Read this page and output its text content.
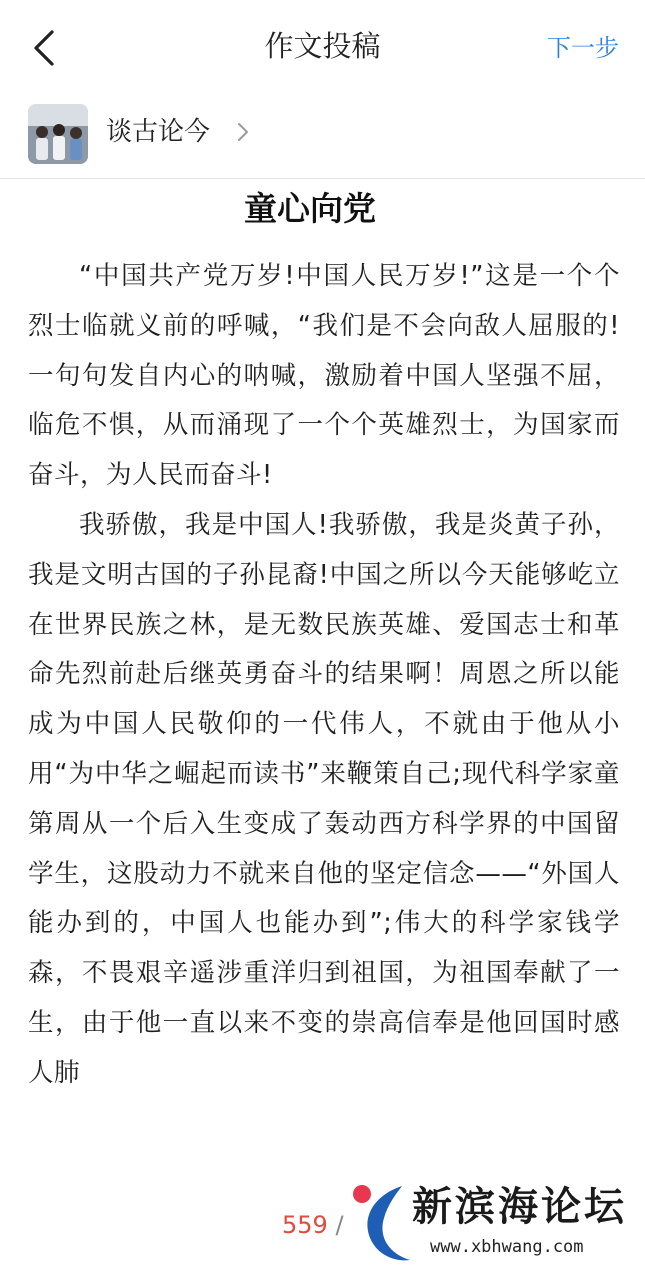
作文投稿	下一步
谈古论今
童心向党

“中国共产党万岁!中国人民万岁!”这是一个个烈士临就义前的呼喊，“我们是不会向敌人屈服的!一句句发自内心的呐喊，激励着中国人坚强不屈，临危不惧，从而涌现了一个个英雄烈士，为国家而奋斗，为人民而奋斗!

我骄傲，我是中国人!我骄傲，我是炎黄子孙，我是文明古国的子孙昆裔!中国之所以今天能够屹立在世界民族之林，是无数民族英雄、爱国志士和革命先烈前赴后继英勇奋斗的结果啊！周恩之所以能成为中国人民敬仰的一代伟人，不就由于他从小用“为中华之崛起而读书”来鞭策自己;现代科学家童第周从一个后入生变成了轰动西方科学界的中国留学生，这股动力不就来自他的坚定信念——“外国人能办到的，中国人也能办到”;伟大的科学家钱学森，不畏艰辛遥涉重洋归到祖国，为祖国奉献了一生，由于他一直以来不变的崇高信奉是他回国时感人肺

559 / 新滨海论坛
www.xbhwang.com
